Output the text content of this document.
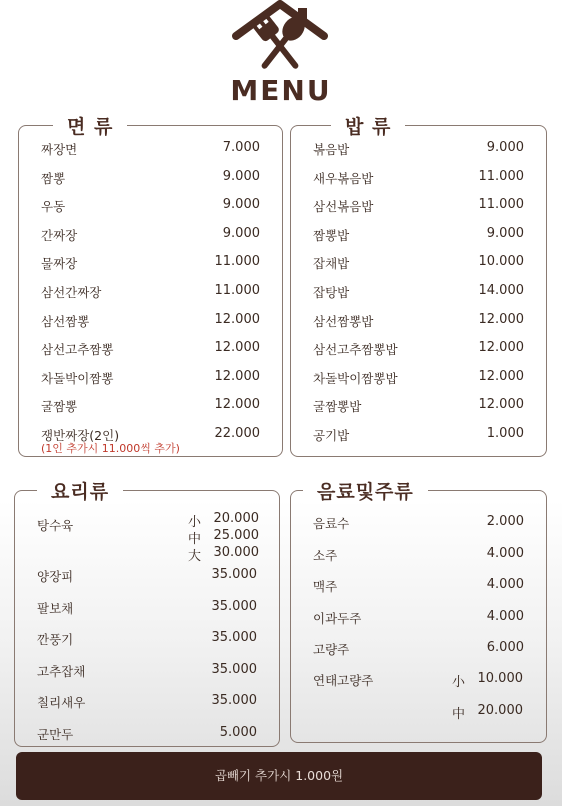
MENU
면 류
짜장면	7.000
짬뽕	9.000
우동	9.000
간짜장	9.000
물짜장	11.000
삼선간짜장	11.000
삼선짬뽕	12.000
삼선고추짬뽕	12.000
차돌박이짬뽕	12.000
굴짬뽕	12.000
쟁반짜장(2인)	22.000
(1인 추가시 11.000씩 추가)
밥 류
볶음밥	9.000
새우볶음밥	11.000
삼선볶음밥	11.000
짬뽕밥	9.000
잡채밥	10.000
잡탕밥	14.000
삼선짬뽕밥	12.000
삼선고추짬뽕밥	12.000
차돌박이짬뽕밥	12.000
굴짬뽕밥	12.000
공기밥	1.000
요리류
탕수육	小 20.000
中 25.000
大 30.000
양장피	35.000
팔보채	35.000
깐풍기	35.000
고추잡채	35.000
칠리새우	35.000
군만두	5.000
음료및주류
음료수	2.000
소주	4.000
맥주	4.000
이과두주	4.000
고량주	6.000
연태고량주	小 10.000
中 20.000
곱빼기 추가시 1.000원
